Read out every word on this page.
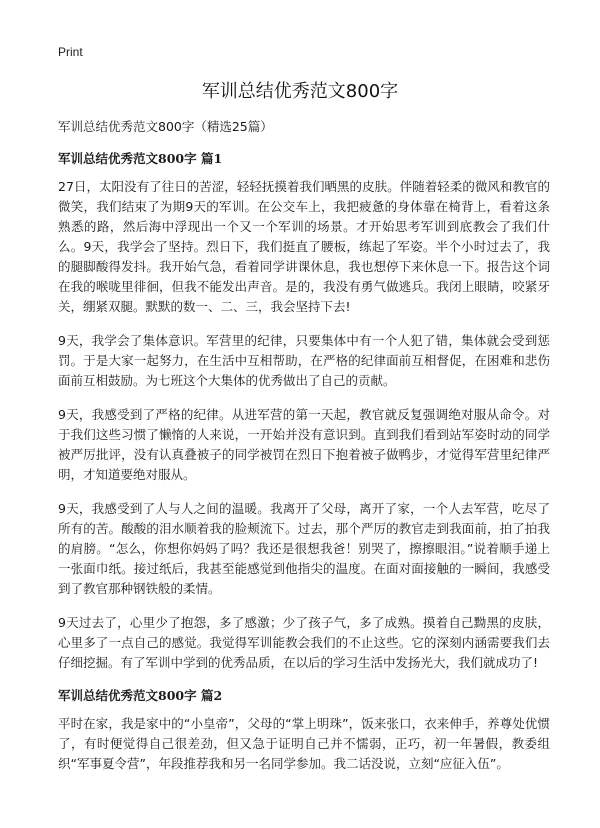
Print
军训总结优秀范文800字
军训总结优秀范文800字（精选25篇）
军训总结优秀范文800字 篇1

27日，太阳没有了往日的苦涩，轻轻抚摸着我们晒黑的皮肤。伴随着轻柔的微风和教官的微笑，我们结束了为期9天的军训。在公交车上，我把疲惫的身体靠在椅背上，看着这条熟悉的路，然后海中浮现出一个又一个军训的场景。才开始思考军训到底教会了我们什么。9天，我学会了坚持。烈日下，我们挺直了腰板，练起了军姿。半个小时过去了，我的腿脚酸得发抖。我开始气急，看着同学讲课休息，我也想停下来休息一下。报告这个词在我的喉咙里徘徊，但我不能发出声音。是的，我没有勇气做逃兵。我闭上眼睛，咬紧牙关，绷紧双腿。默默的数一、二、三，我会坚持下去!

9天，我学会了集体意识。军营里的纪律，只要集体中有一个人犯了错，集体就会受到惩罚。于是大家一起努力，在生活中互相帮助，在严格的纪律面前互相督促，在困难和悲伤面前互相鼓励。为七班这个大集体的优秀做出了自己的贡献。

9天，我感受到了严格的纪律。从进军营的第一天起，教官就反复强调绝对服从命令。对于我们这些习惯了懒惰的人来说，一开始并没有意识到。直到我们看到站军姿时动的同学被严厉批评，没有认真叠被子的同学被罚在烈日下抱着被子做鸭步，才觉得军营里纪律严明，才知道要绝对服从。

9天，我感受到了人与人之间的温暖。我离开了父母，离开了家，一个人去军营，吃尽了所有的苦。酸酸的泪水顺着我的脸颊流下。过去，那个严厉的教官走到我面前，拍了拍我的肩膀。“怎么，你想你妈妈了吗？我还是很想我爸！别哭了，擦擦眼泪。”说着顺手递上一张面巾纸。接过纸后，我甚至能感觉到他指尖的温度。在面对面接触的一瞬间，我感受到了教官那种钢铁般的柔情。

9天过去了，心里少了抱怨，多了感激；少了孩子气，多了成熟。摸着自己黝黑的皮肤，心里多了一点自己的感觉。我觉得军训能教会我们的不止这些。它的深刻内涵需要我们去仔细挖掘。有了军训中学到的优秀品质，在以后的学习生活中发扬光大，我们就成功了!

军训总结优秀范文800字 篇2

平时在家，我是家中的“小皇帝”，父母的“掌上明珠”，饭来张口，衣来伸手，养尊处优惯了，有时便觉得自己很差劲，但又急于证明自己并不懦弱，正巧，初一年暑假，教委组织“军事夏令营”，年段推荐我和另一名同学参加。我二话没说，立刻“应征入伍”。
